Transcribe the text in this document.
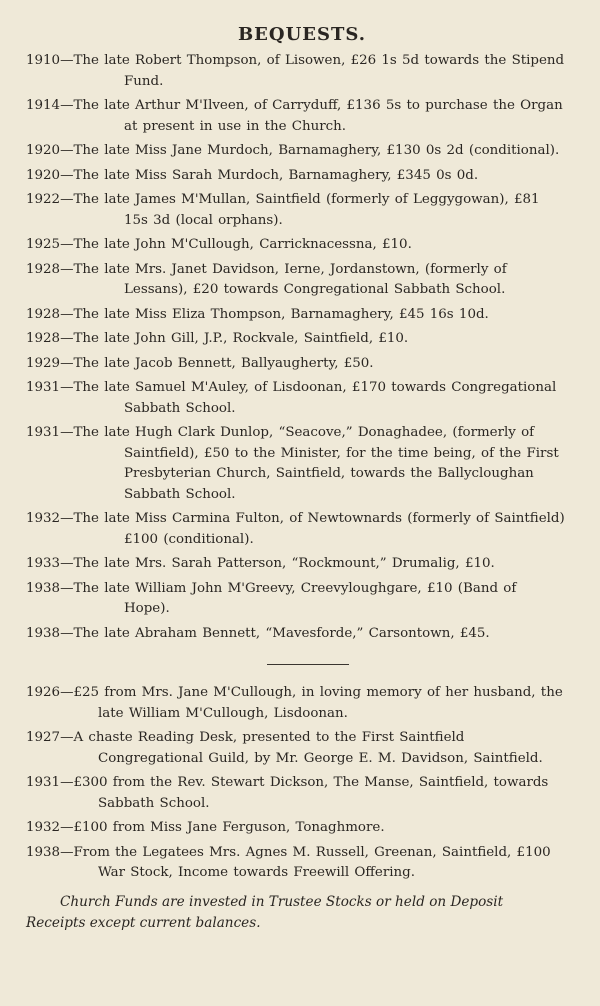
BEQUESTS.
1910—The late Robert Thompson, of Lisowen, £26 1s 5d towards the Stipend Fund.
1914—The late Arthur M'Ilveen, of Carryduff, £136 5s to purchase the Organ at present in use in the Church.
1920—The late Miss Jane Murdoch, Barnamaghery, £130 0s 2d (conditional).
1920—The late Miss Sarah Murdoch, Barnamaghery, £345 0s 0d.
1922—The late James M'Mullan, Saintfield (formerly of Leggygowan), £81 15s 3d (local orphans).
1925—The late John M'Cullough, Carricknacessna, £10.
1928—The late Mrs. Janet Davidson, Ierne, Jordanstown, (formerly of Lessans), £20 towards Congregational Sabbath School.
1928—The late Miss Eliza Thompson, Barnamaghery, £45 16s 10d.
1928—The late John Gill, J.P., Rockvale, Saintfield, £10.
1929—The late Jacob Bennett, Ballyaugherty, £50.
1931—The late Samuel M'Auley, of Lisdoonan, £170 towards Congregational Sabbath School.
1931—The late Hugh Clark Dunlop, “Seacove,” Donaghadee, (formerly of Saintfield), £50 to the Minister, for the time being, of the First Presbyterian Church, Saintfield, towards the Ballycloughan Sabbath School.
1932—The late Miss Carmina Fulton, of Newtownards (formerly of Saintfield) £100 (conditional).
1933—The late Mrs. Sarah Patterson, “Rockmount,” Drumalig, £10.
1938—The late William John M'Greevy, Creevyloughgare, £10 (Band of Hope).
1938—The late Abraham Bennett, “Mavesforde,” Carsontown, £45.
1926—£25 from Mrs. Jane M'Cullough, in loving memory of her husband, the late William M'Cullough, Lisdoonan.
1927—A chaste Reading Desk, presented to the First Saintfield Congregational Guild, by Mr. George E. M. Davidson, Saintfield.
1931—£300 from the Rev. Stewart Dickson, The Manse, Saintfield, towards Sabbath School.
1932—£100 from Miss Jane Ferguson, Tonaghmore.
1938—From the Legatees Mrs. Agnes M. Russell, Greenan, Saintfield, £100 War Stock, Income towards Freewill Offering.
Church Funds are invested in Trustee Stocks or held on Deposit Receipts except current balances.
